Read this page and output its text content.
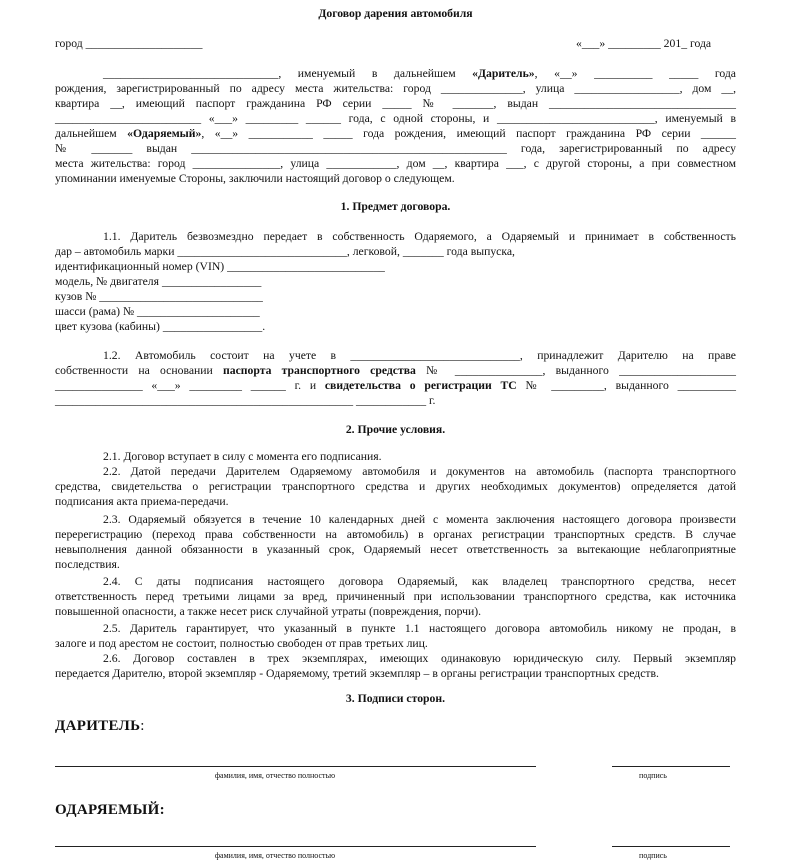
Договор дарения автомобиля
город ____________________	«___» _________ 201_ года
______________________________, именуемый в дальнейшем «Даритель», «__» __________ _____ года
рождения, зарегистрированный по адресу места жительства: город ______________, улица __________________, дом __,
квартира __, имеющий паспорт гражданина РФ серии _____ № _______, выдан ________________________________
_________________________ «___» _________ ______ года, с одной стороны, и ___________________________, именуемый в
дальнейшем «Одаряемый», «__» ___________ _____ года рождения, имеющий паспорт гражданина РФ серии ______
№ _______ выдан ______________________________________________________ года, зарегистрированный по адресу
места жительства: город _______________, улица ____________, дом __, квартира ___, с другой стороны, а при совместном
упоминании именуемые Стороны, заключили настоящий договор о следующем.
1. Предмет договора.
1.1. Даритель безвозмездно передает в собственность Одаряемого, а Одаряемый и принимает в собственность
дар – автомобиль марки _____________________________, легковой, _______ года выпуска,
идентификационный номер (VIN) ___________________________
модель, № двигателя _________________
кузов № ____________________________
шасси (рама) № _____________________
цвет кузова (кабины) _________________.
1.2. Автомобиль состоит на учете в _____________________________, принадлежит Дарителю на праве
собственности на основании паспорта транспортного средства № _______________, выданного ____________________
_______________ «___» _________ ______ г. и свидетельства о регистрации ТС № _________, выданного __________
___________________________________________________ ____________ г.
2. Прочие условия.
2.1. Договор вступает в силу с момента его подписания.
2.2. Датой передачи Дарителем Одаряемому автомобиля и документов на автомобиль (паспорта транспортного
средства, свидетельства о регистрации транспортного средства и других необходимых документов) определяется датой
подписания акта приема-передачи.
2.3. Одаряемый обязуется в течение 10 календарных дней с момента заключения настоящего договора произвести
перерегистрацию (переход права собственности на автомобиль) в органах регистрации транспортных средств. В случае
невыполнения данной обязанности в указанный срок, Одаряемый несет ответственность за вытекающие неблагоприятные
последствия.
2.4. С даты подписания настоящего договора Одаряемый, как владелец транспортного средства, несет
ответственность перед третьими лицами за вред, причиненный при использовании транспортного средства, как источника
повышенной опасности, а также несет риск случайной утраты (повреждения, порчи).
2.5. Даритель гарантирует, что указанный в пункте 1.1 настоящего договора автомобиль никому не продан, в
залоге и под арестом не состоит, полностью свободен от прав третьих лиц.
2.6. Договор составлен в трех экземплярах, имеющих одинаковую юридическую силу. Первый экземпляр
передается Дарителю, второй экземпляр - Одаряемому, третий экземпляр – в органы регистрации транспортных средств.
3. Подписи сторон.
ДАРИТЕЛЬ:
фамилия, имя, отчество полностью	подпись
ОДАРЯЕМЫЙ:
фамилия, имя, отчество полностью	подпись
